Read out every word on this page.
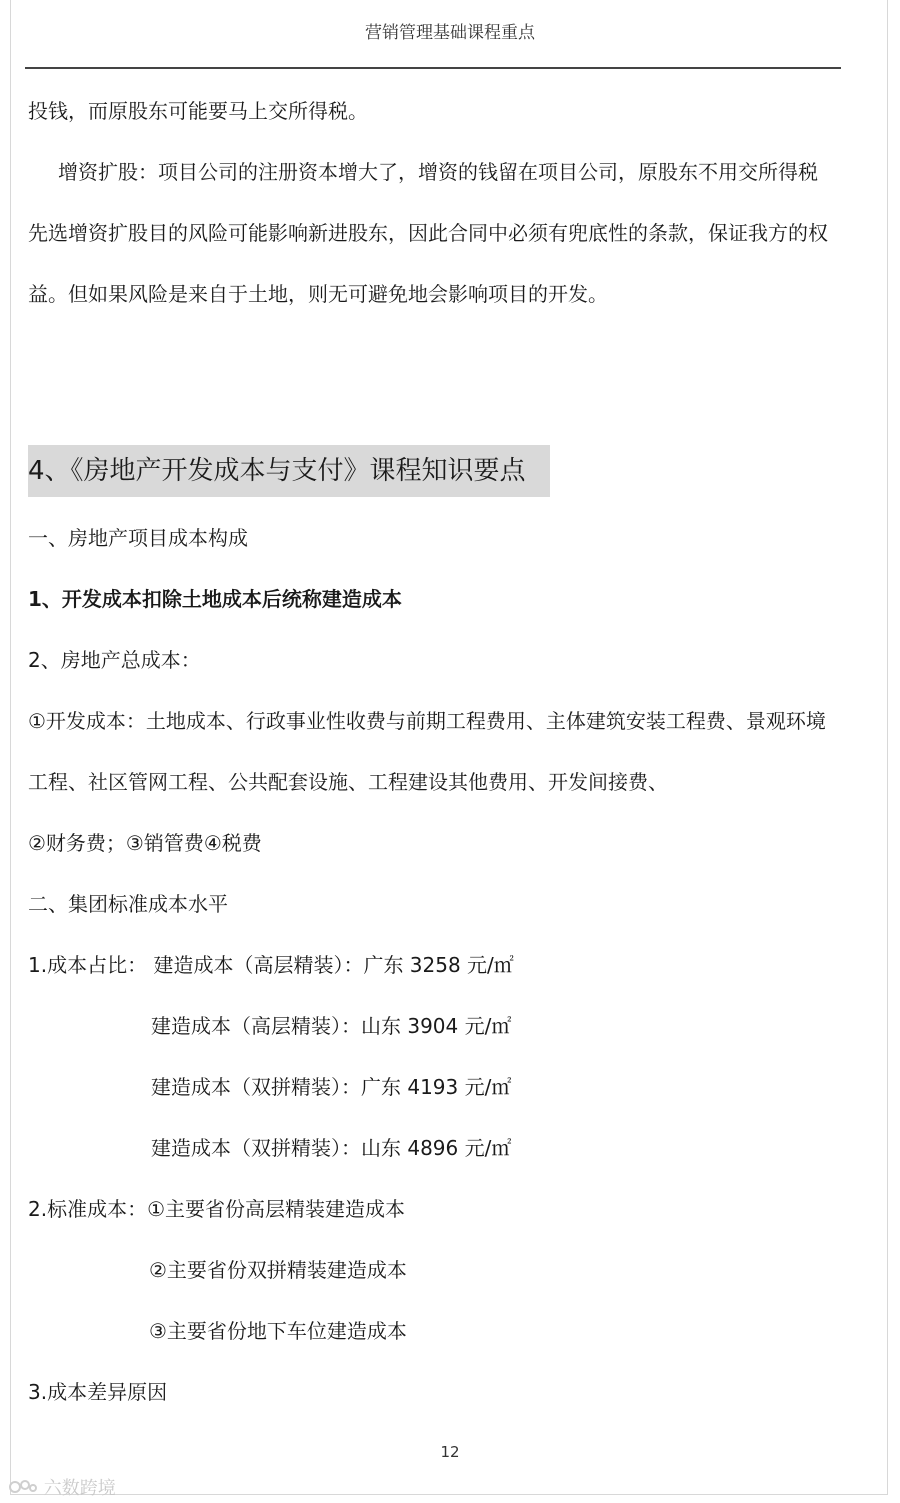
营销管理基础课程重点
投钱，而原股东可能要马上交所得税。
增资扩股：项目公司的注册资本增大了，增资的钱留在项目公司，原股东不用交所得税
先选增资扩股目的风险可能影响新进股东，因此合同中必须有兜底性的条款，保证我方的权
益。但如果风险是来自于土地，则无可避免地会影响项目的开发。
4、《房地产开发成本与支付》课程知识要点
一、房地产项目成本构成
1、开发成本扣除土地成本后统称建造成本
2、房地产总成本：
①开发成本：土地成本、行政事业性收费与前期工程费用、主体建筑安装工程费、景观环境
工程、社区管网工程、公共配套设施、工程建设其他费用、开发间接费、
②财务费；③销管费④税费
二、集团标准成本水平
1.成本占比： 建造成本（高层精装）：广东 3258 元/㎡
建造成本（高层精装）：山东 3904 元/㎡
建造成本（双拼精装）：广东 4193 元/㎡
建造成本（双拼精装）：山东 4896 元/㎡
2.标准成本：①主要省份高层精装建造成本
②主要省份双拼精装建造成本
③主要省份地下车位建造成本
3.成本差异原因
12
六数跨境
